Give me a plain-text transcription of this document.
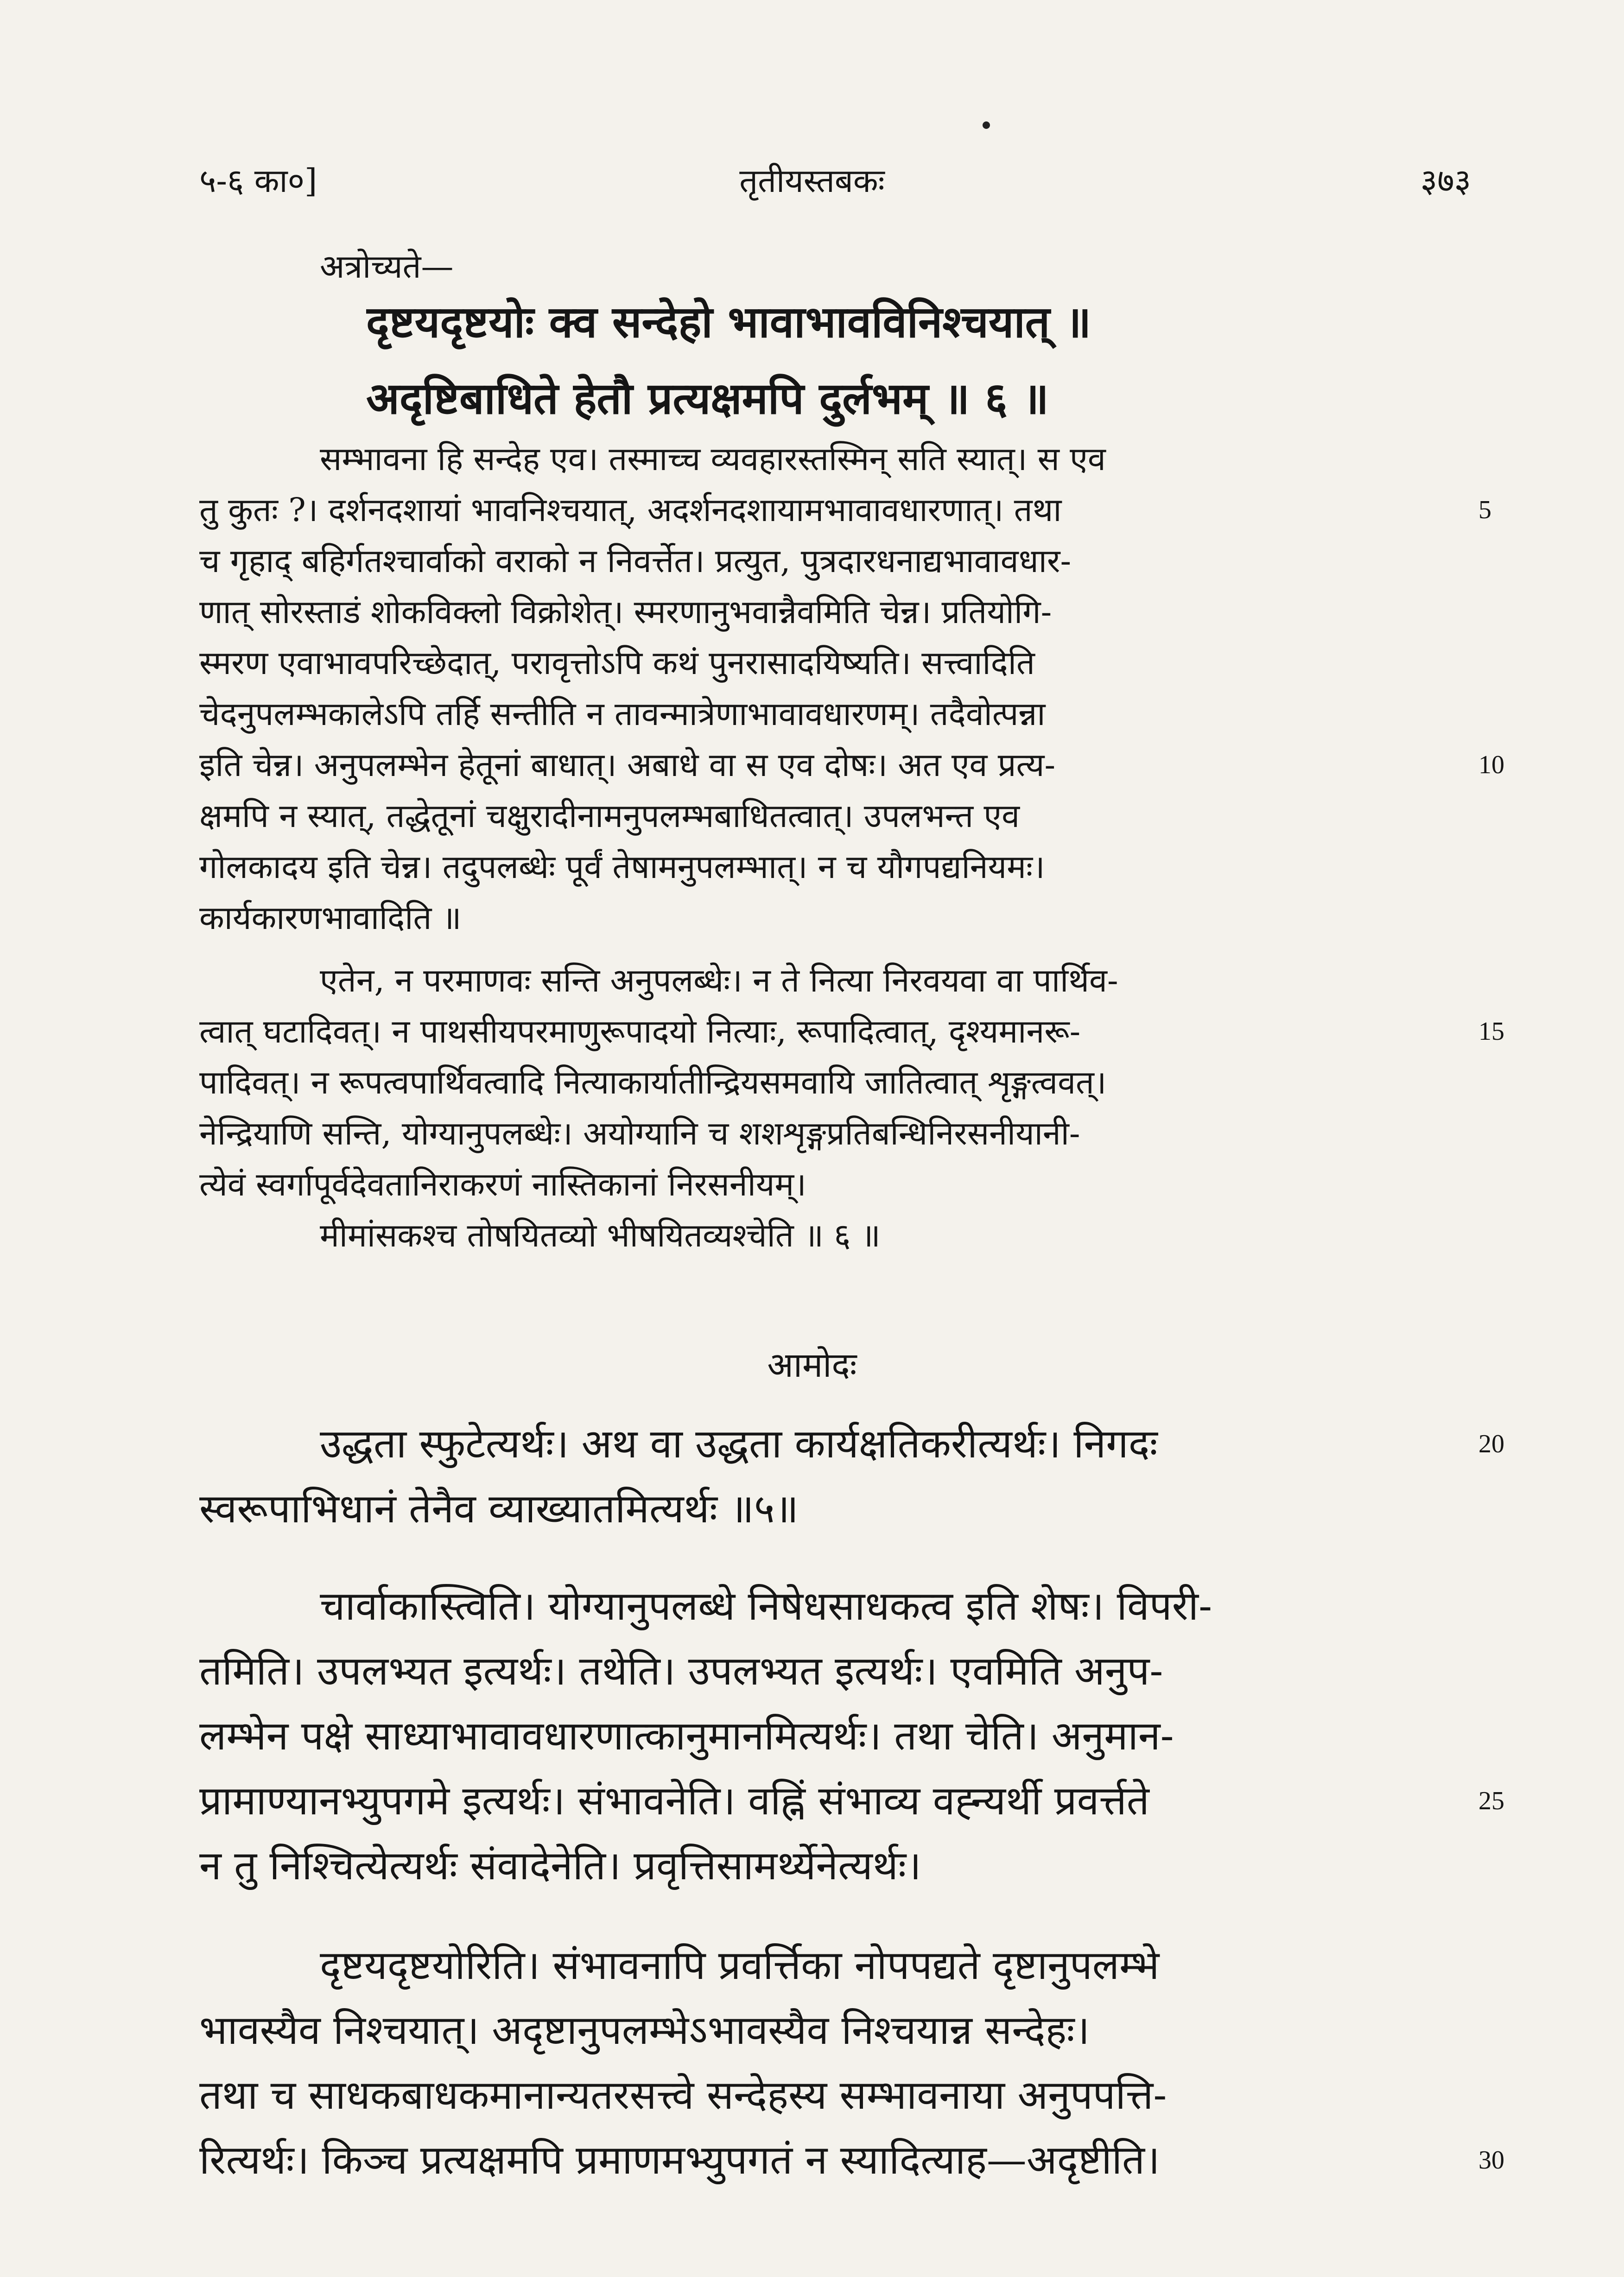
५-६ का०]	तृतीयस्तबकः	३७३
अत्रोच्यते—
दृष्टयदृष्टयोः क्व सन्देहो भावाभावविनिश्चयात् ॥
अदृष्टिबाधिते हेतौ प्रत्यक्षमपि दुर्लभम् ॥ ६ ॥
सम्भावना हि सन्देह एव। तस्माच्च व्यवहारस्तस्मिन् सति स्यात्। स एव
तु कुतः ?। दर्शनदशायां भावनिश्चयात्, अदर्शनदशायामभावावधारणात्। तथा
च गृहाद् बहिर्गतश्चार्वाको वराको न निवर्त्तेत। प्रत्युत, पुत्रदारधनाद्यभावावधार-
णात् सोरस्ताडं शोकविक्लो विक्रोशेत्। स्मरणानुभवान्नैवमिति चेन्न। प्रतियोगि-
स्मरण एवाभावपरिच्छेदात्, परावृत्तोऽपि कथं पुनरासादयिष्यति। सत्त्वादिति
चेदनुपलम्भकालेऽपि तर्हि सन्तीति न तावन्मात्रेणाभावावधारणम्। तदैवोत्पन्ना
इति चेन्न। अनुपलम्भेन हेतूनां बाधात्। अबाधे वा स एव दोषः। अत एव प्रत्य-
क्षमपि न स्यात्, तद्धेतूनां चक्षुरादीनामनुपलम्भबाधितत्वात्। उपलभन्त एव
गोलकादय इति चेन्न। तदुपलब्धेः पूर्वं तेषामनुपलम्भात्। न च यौगपद्यनियमः।
कार्यकारणभावादिति ॥
एतेन, न परमाणवः सन्ति अनुपलब्धेः। न ते नित्या निरवयवा वा पार्थिव-
त्वात् घटादिवत्। न पाथसीयपरमाणुरूपादयो नित्याः, रूपादित्वात्, दृश्यमानरू-
पादिवत्। न रूपत्वपार्थिवत्वादि नित्याकार्यातीन्द्रियसमवायि जातित्वात् शृङ्गत्ववत्।
नेन्द्रियाणि सन्ति, योग्यानुपलब्धेः। अयोग्यानि च शशशृङ्गप्रतिबन्धिनिरसनीयानी-
त्येवं स्वर्गापूर्वदेवतानिराकरणं नास्तिकानां निरसनीयम्।
मीमांसकश्च तोषयितव्यो भीषयितव्यश्चेति ॥ ६ ॥
आमोदः
उद्धता स्फुटेत्यर्थः। अथ वा उद्धता कार्यक्षतिकरीत्यर्थः। निगदः
स्वरूपाभिधानं तेनैव व्याख्यातमित्यर्थः ॥५॥
चार्वाकास्त्विति। योग्यानुपलब्धे निषेधसाधकत्व इति शेषः। विपरी-
तमिति। उपलभ्यत इत्यर्थः। तथेति। उपलभ्यत इत्यर्थः। एवमिति अनुप-
लम्भेन पक्षे साध्याभावावधारणात्कानुमानमित्यर्थः। तथा चेति। अनुमान-
प्रामाण्यानभ्युपगमे इत्यर्थः। संभावनेति। वह्निं संभाव्य वह्न्यर्थी प्रवर्त्तते
न तु निश्चित्येत्यर्थः संवादेनेति। प्रवृत्तिसामर्थ्येनेत्यर्थः।
दृष्टयदृष्टयोरिति। संभावनापि प्रवर्त्तिका नोपपद्यते दृष्टानुपलम्भे
भावस्यैव निश्चयात्। अदृष्टानुपलम्भेऽभावस्यैव निश्चयान्न सन्देहः।
तथा च साधकबाधकमानान्यतरसत्त्वे सन्देहस्य सम्भावनाया अनुपपत्ति-
रित्यर्थः। किञ्च प्रत्यक्षमपि प्रमाणमभ्युपगतं न स्यादित्याह—अदृष्टीति।
5
10
15
20
25
30
